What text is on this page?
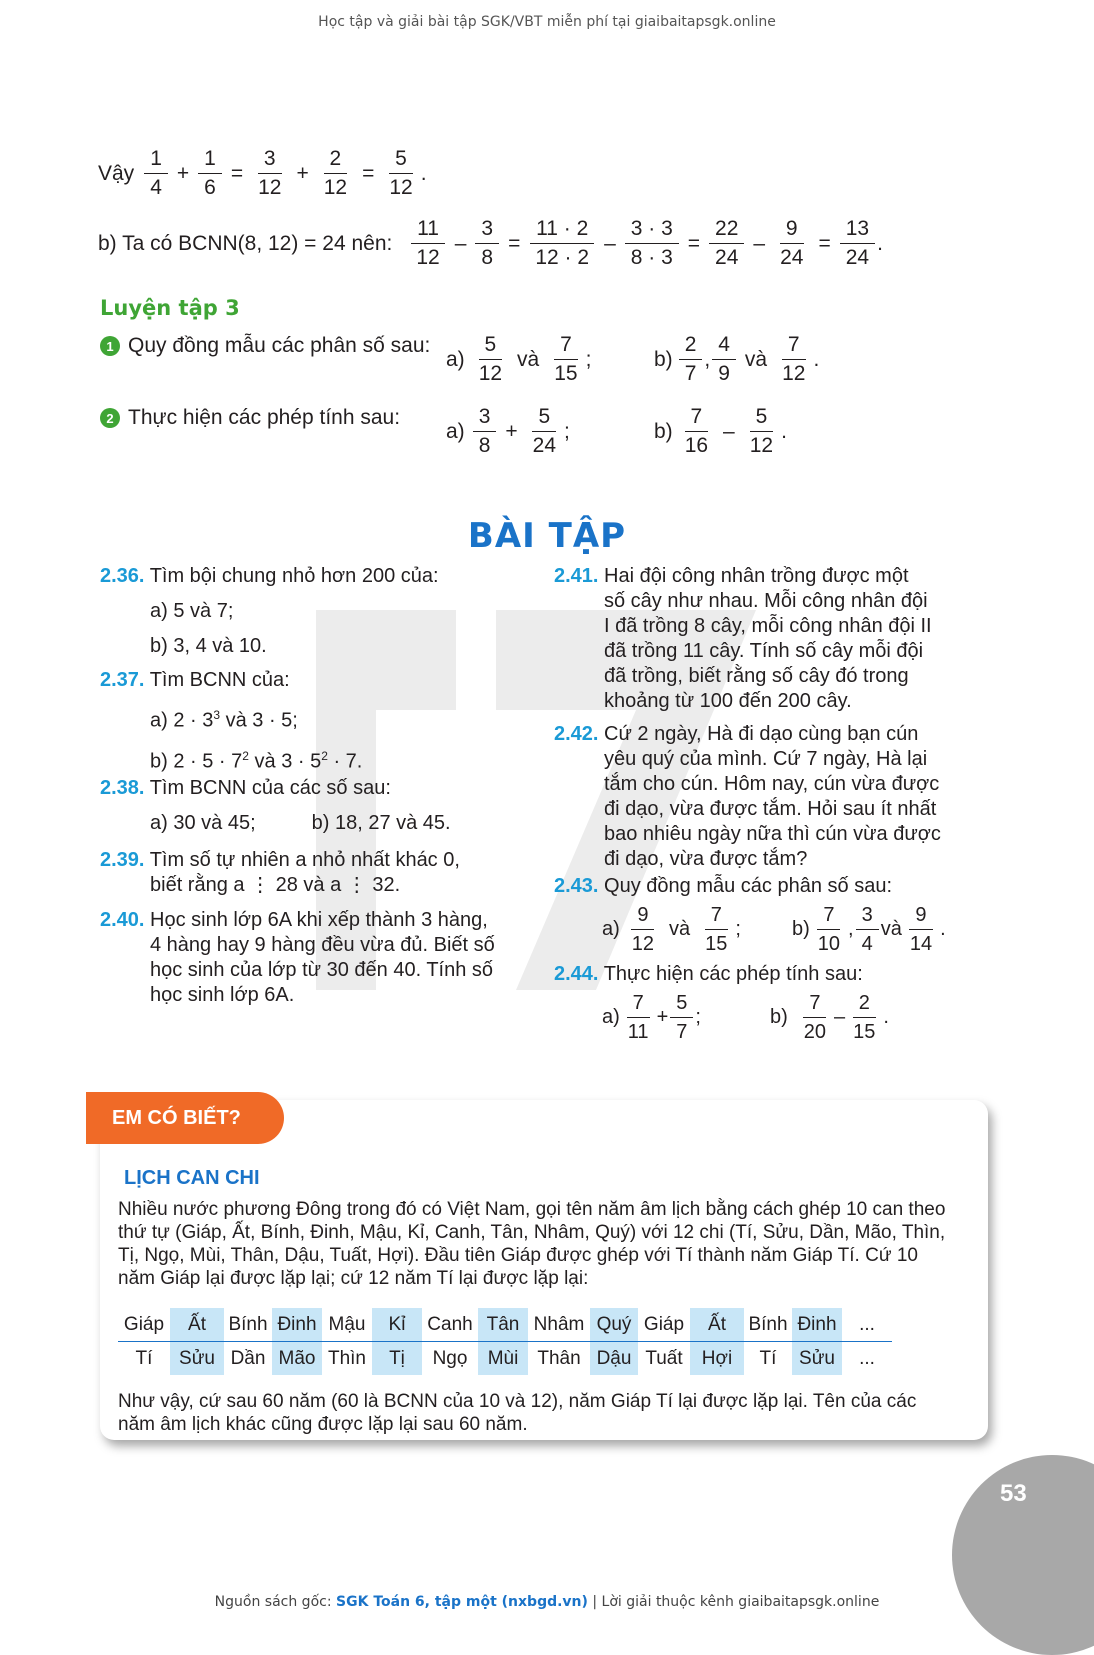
Học tập và giải bài tập SGK/VBT miễn phí tại giaibaitapsgk.online
Vậy $\frac{1}{4} + \frac{1}{6} = \frac{3}{12} + \frac{2}{12} = \frac{5}{12}$ .
b) Ta có BCNN(8, 12) = 24 nên: $\frac{11}{12} - \frac{3}{8} = \frac{11 \cdot 2}{12 \cdot 2} - \frac{3 \cdot 3}{8 \cdot 3} = \frac{22}{24} - \frac{9}{24} = \frac{13}{24}$ .
Luyện tập 3
1 Quy đồng mẫu các phân số sau:
$a) \frac{5}{12}$ và $\frac{7}{15}$ ;	$b) \frac{2}{7}$ , $\frac{4}{9}$ và $\frac{7}{12}$ .
2 Thực hiện các phép tính sau:
$a) \frac{3}{8} + \frac{5}{24}$ ;	$b) \frac{7}{16} - \frac{5}{12}$ .
BÀI TẬP
2.36. Tìm bội chung nhỏ hơn 200 của:
a) 5 và 7;
b) 3, 4 và 10.
2.37. Tìm BCNN của:
a) $2 \cdot 3^3$ và 3 · 5;
b) $2 \cdot 5 \cdot 7^2$ và $3 \cdot 5^2 \cdot 7$.
2.38. Tìm BCNN của các số sau:
a) 30 và 45;	b) 18, 27 và 45.
2.39. Tìm số tự nhiên a nhỏ nhất khác 0,
biết rằng a ⋮ 28 và a ⋮ 32.
2.40. Học sinh lớp 6A khi xếp thành 3 hàng,
4 hàng hay 9 hàng đều vừa đủ. Biết số
học sinh của lớp từ 30 đến 40. Tính số
học sinh lớp 6A.
2.41. Hai đội công nhân trồng được một
số cây như nhau. Mỗi công nhân đội
I đã trồng 8 cây, mỗi công nhân đội II
đã trồng 11 cây. Tính số cây mỗi đội
đã trồng, biết rằng số cây đó trong
khoảng từ 100 đến 200 cây.
2.42. Cứ 2 ngày, Hà đi dạo cùng bạn cún
yêu quý của mình. Cứ 7 ngày, Hà lại
tắm cho cún. Hôm nay, cún vừa được
đi dạo, vừa được tắm. Hỏi sau ít nhất
bao nhiêu ngày nữa thì cún vừa được
đi dạo, vừa được tắm?
2.43. Quy đồng mẫu các phân số sau:
$a) \frac{9}{12}$ và $\frac{7}{15}$ ;	$b) \frac{7}{10}$ , $\frac{3}{4}$ và $\frac{9}{14}$ .
2.44. Thực hiện các phép tính sau:
$a) \frac{7}{11} + \frac{5}{7}$ ;	$b) \frac{7}{20} - \frac{2}{15}$ .
EM CÓ BIẾT?
LỊCH CAN CHI
Nhiều nước phương Đông trong đó có Việt Nam, gọi tên năm âm lịch bằng cách ghép 10 can theo
thứ tự (Giáp, Ất, Bính, Đinh, Mậu, Kỉ, Canh, Tân, Nhâm, Quý) với 12 chi (Tí, Sửu, Dần, Mão, Thìn,
Tị, Ngọ, Mùi, Thân, Dậu, Tuất, Hợi). Đầu tiên Giáp được ghép với Tí thành năm Giáp Tí. Cứ 10
năm Giáp lại được lặp lại; cứ 12 năm Tí lại được lặp lại:
Giáp	Ất	Bính	Đinh	Mậu	Kỉ	Canh	Tân	Nhâm	Quý	Giáp	Ất	Bính	Đinh	...
Tí	Sửu	Dần	Mão	Thìn	Tị	Ngọ	Mùi	Thân	Dậu	Tuất	Hợi	Tí	Sửu	...
Như vậy, cứ sau 60 năm (60 là BCNN của 10 và 12), năm Giáp Tí lại được lặp lại. Tên của các
năm âm lịch khác cũng được lặp lại sau 60 năm.
53
Nguồn sách gốc: SGK Toán 6, tập một (nxbgd.vn) | Lời giải thuộc kênh giaibaitapsgk.online
